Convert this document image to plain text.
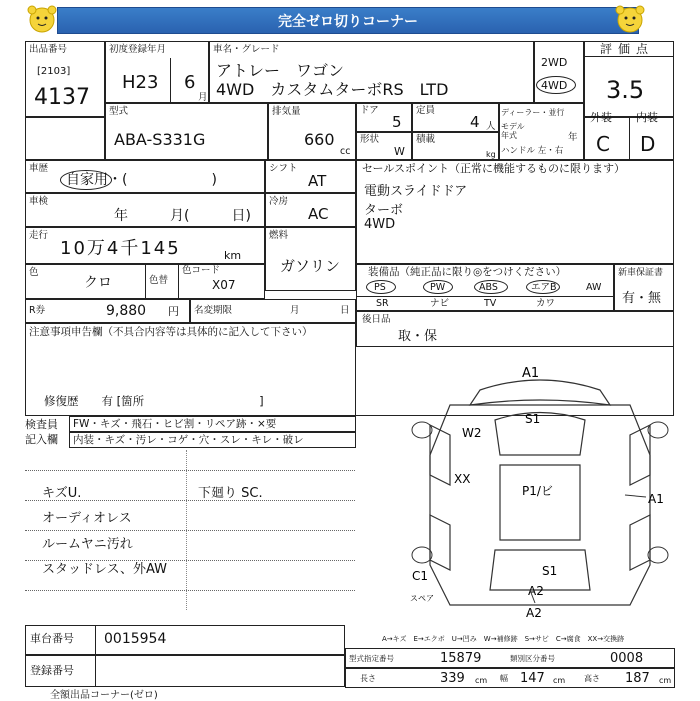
完全ゼロ切りコーナー
出品番号
[2103]
4137
初度登録年月
H23 6
月
車名・グレード
アトレー　ワゴン
4WD　カスタムターボRS　LTD
2WD
4WD
評価点
3.5
型式
ABA-S331G
排気量
660
cc
ドア
5
定員
4 人
形状
W
積載
kg
ディーラー・並行
モデル年式	年
ハンドル 左・右
外装 内装
C D
車歴
自家用・(　　　　　　)
シフト
AT
車検
年　　　月(　　　日)
冷房
AC
走行
10万4千145	km
燃料
ガソリン
色
クロ	色替
色コード
X07
R券	9,880 円 名変期限	月	日
セールスポイント（正常に機能するものに限ります）
電動スライドドア
ターボ
4WD
装備品（純正品に限り◎をつけください）
PS	PW	ABS	エアB	AW
SR	ナビ	TV	カワ
新車保証書
有・無
後日品
取・保
注意事項申告欄（不具合内容等は具体的に記入して下さい）
修復歴　　有 [箇所　　　　　　　　　　]
検査員
記入欄
FW・キズ・飛石・ヒビ割・リペア跡・×要
内装・キズ・汚レ・コゲ・穴・スレ・キレ・破レ
キズU.
オーディオレス
ルームヤニ汚れ
スタッドレス、外AW
下廻り SC.
A1
S1
W2
XX
P1/ビ
A1
C1	S1
A2
A2
スペア
A→キズ　E→エクボ　U→凹み　W→補修跡　S→サビ　C→腐食　XX→交換跡
車台番号 0015954
登録番号
型式指定番号	15879	類別区分番号	0008
長さ	339 cm 幅 147 cm 高さ 187 cm
全額出品コーナー(ゼロ)
